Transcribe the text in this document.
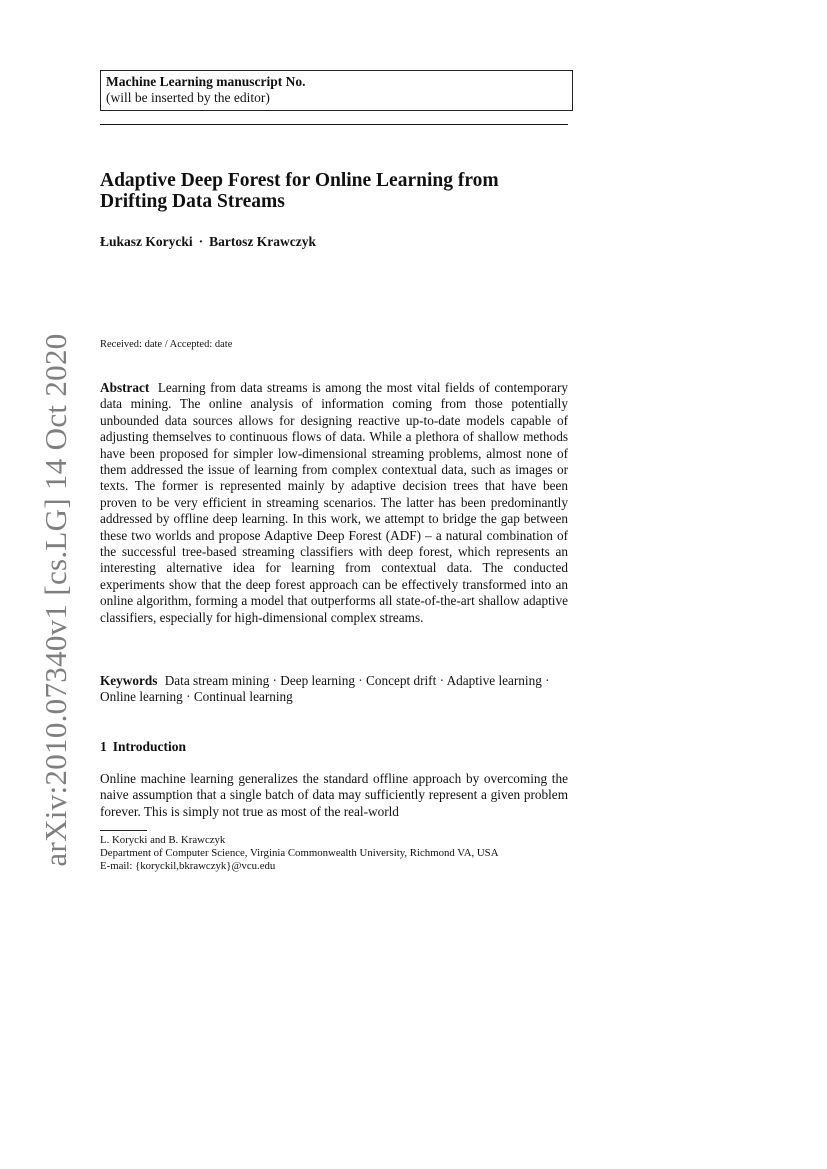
arXiv:2010.07340v1 [cs.LG] 14 Oct 2020
Machine Learning manuscript No.
(will be inserted by the editor)
Adaptive Deep Forest for Online Learning from Drifting Data Streams
Łukasz Korycki · Bartosz Krawczyk
Received: date / Accepted: date

Abstract Learning from data streams is among the most vital fields of contemporary data mining. The online analysis of information coming from those potentially unbounded data sources allows for designing reactive up-to-date models capable of adjusting themselves to continuous flows of data. While a plethora of shallow methods have been proposed for simpler low-dimensional streaming problems, almost none of them addressed the issue of learning from complex contextual data, such as images or texts. The former is represented mainly by adaptive decision trees that have been proven to be very efficient in streaming scenarios. The latter has been predominantly addressed by offline deep learning. In this work, we attempt to bridge the gap between these two worlds and propose Adaptive Deep Forest (ADF) – a natural combination of the successful tree-based streaming classifiers with deep forest, which represents an interesting alternative idea for learning from contextual data. The conducted experiments show that the deep forest approach can be effectively transformed into an online algorithm, forming a model that outperforms all state-of-the-art shallow adaptive classifiers, especially for high-dimensional complex streams.

Keywords Data stream mining · Deep learning · Concept drift · Adaptive learning · Online learning · Continual learning

1 Introduction

Online machine learning generalizes the standard offline approach by overcoming the naive assumption that a single batch of data may sufficiently represent a given problem forever. This is simply not true as most of the real-world

L. Korycki and B. Krawczyk
Department of Computer Science, Virginia Commonwealth University, Richmond VA, USA
E-mail: {koryckil,bkrawczyk}@vcu.edu
